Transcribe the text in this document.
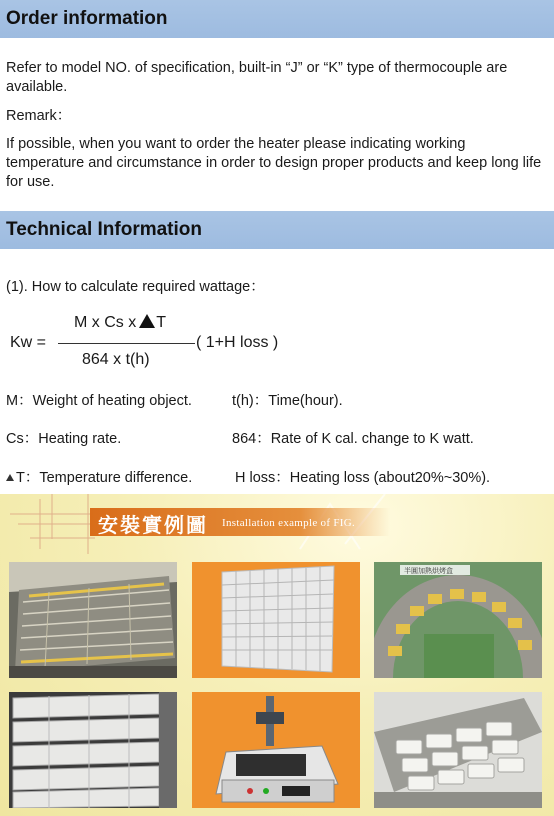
Order information
Refer to model NO. of specification, built-in “J” or “K” type of thermocouple are available.
Remark：
If possible, when you want to order the heater please indicating working temperature and circumstance in order to design proper products and keep long life for use.
Technical Information
(1). How to calculate required wattage：
Kw =
M x Cs x T
864 x t(h)
( 1+H loss )
M：Weight of heating object.	t(h)：Time(hour).
Cs：Heating rate.	864：Rate of K cal. change to K watt.
T：Temperature difference.	H loss：Heating loss (about20%~30%).
安裝實例圖 Installation example of FIG.
半圓加熱烘烤盒
